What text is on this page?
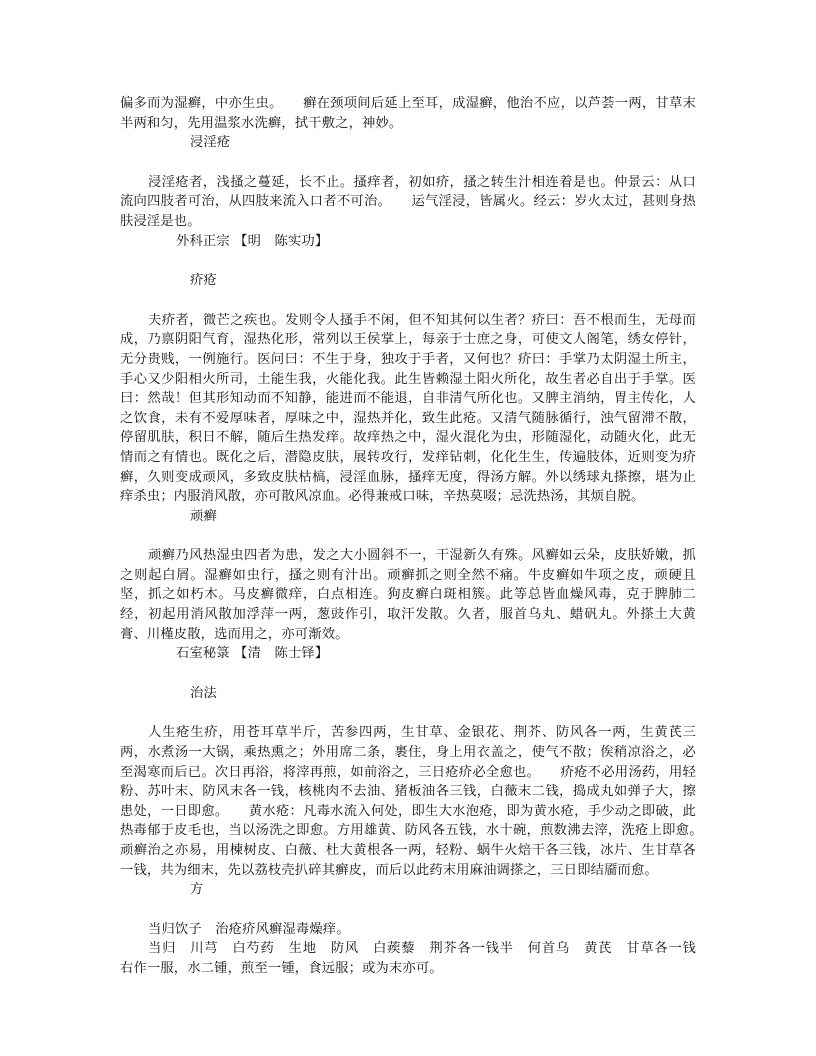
偏多而为湿癣，中亦生虫。　　癣在颈项间后延上至耳，成湿癣，他治不应，以芦荟一两，甘草末半两和匀，先用温浆水洗癣，拭干敷之，神妙。

浸淫疮

浸淫疮者，浅搔之蔓延，长不止。搔痒者，初如疥，搔之转生汁相连着是也。仲景云：从口流向四肢者可治，从四肢来流入口者不可治。　　运气淫浸，皆属火。经云：岁火太过，甚则身热肤浸淫是也。

外科正宗 【明　陈实功】

疥疮

夫疥者，微芒之疾也。发则令人搔手不闲，但不知其何以生者？疥曰：吾不根而生，无母而成，乃禀阴阳气育，湿热化形，常列以王侯掌上，每亲于士庶之身，可使文人阁笔，绣女停针，无分贵贱，一例施行。医问曰：不生于身，独攻于手者，又何也？疥曰：手掌乃太阴湿土所主，手心又少阳相火所司，土能生我，火能化我。此生皆赖湿土阳火所化，故生者必自出于手掌。医曰：然哉！但其形知动而不知静，能进而不能退，自非清气所化也。又脾主消纳，胃主传化，人之饮食，未有不爱厚味者，厚味之中，湿热并化，致生此疮。又清气随脉循行，浊气留滞不散，停留肌肤，积日不解，随后生热发痒。故痒热之中，湿火混化为虫，形随湿化，动随火化，此无情而之有情也。既化之后，潜隐皮肤，展转攻行，发痒钻刺，化化生生，传遍肢体，近则变为疥癣，久则变成顽风，多致皮肤枯槁，浸淫血脉，搔痒无度，得汤方解。外以绣球丸搽擦，堪为止痒杀虫；内服消风散，亦可散风凉血。必得兼戒口味，辛热莫啜；忌洗热汤，其烦自脱。

顽癣

顽癣乃风热湿虫四者为患，发之大小圆斜不一，干湿新久有殊。风癣如云朵，皮肤娇嫩，抓之则起白屑。湿癣如虫行，搔之则有汁出。顽癣抓之则全然不痛。牛皮癣如牛项之皮，顽硬且坚，抓之如朽木。马皮癣微痒，白点相连。狗皮癣白斑相簇。此等总皆血燥风毒，克于脾肺二经，初起用消风散加浮萍一两，葱豉作引，取汗发散。久者，服首乌丸、蜡矾丸。外搽土大黄膏、川槿皮散，选而用之，亦可渐效。

石室秘箓 【清　陈士铎】

治法

人生疮生疥，用苍耳草半斤，苦参四两，生甘草、金银花、荆芥、防风各一两，生黄芪三两，水煮汤一大锅，乘热熏之；外用席二条，裹住，身上用衣盖之，使气不散；俟稍凉浴之，必至渴寒而后已。次日再浴，将滓再煎，如前浴之，三日疮疥必全愈也。　　疥疮不必用汤药，用轻粉、苏叶末、防风末各一钱，核桃肉不去油、猪板油各三钱，白薇末二钱，捣成丸如弹子大，擦患处，一日即愈。　　黄水疮：凡毒水流入何处，即生大水泡疮，即为黄水疮，手少动之即破，此热毒郁于皮毛也，当以汤洗之即愈。方用雄黄、防风各五钱，水十碗，煎数沸去滓，洗疮上即愈。　　顽癣治之亦易，用楝树皮、白薇、杜大黄根各一两，轻粉、蜗牛火焙干各三钱，冰片、生甘草各一钱，共为细末，先以荔枝壳扒碎其癣皮，而后以此药末用麻油调搽之，三日即结靥而愈。

方

当归饮子　治疮疥风癣湿毒燥痒。

当归　川芎　白芍药　生地　防风　白蒺藜　荆芥各一钱半　何首乌　黄芪　甘草各一钱　右作一服，水二锺，煎至一锺，食远服；或为末亦可。
